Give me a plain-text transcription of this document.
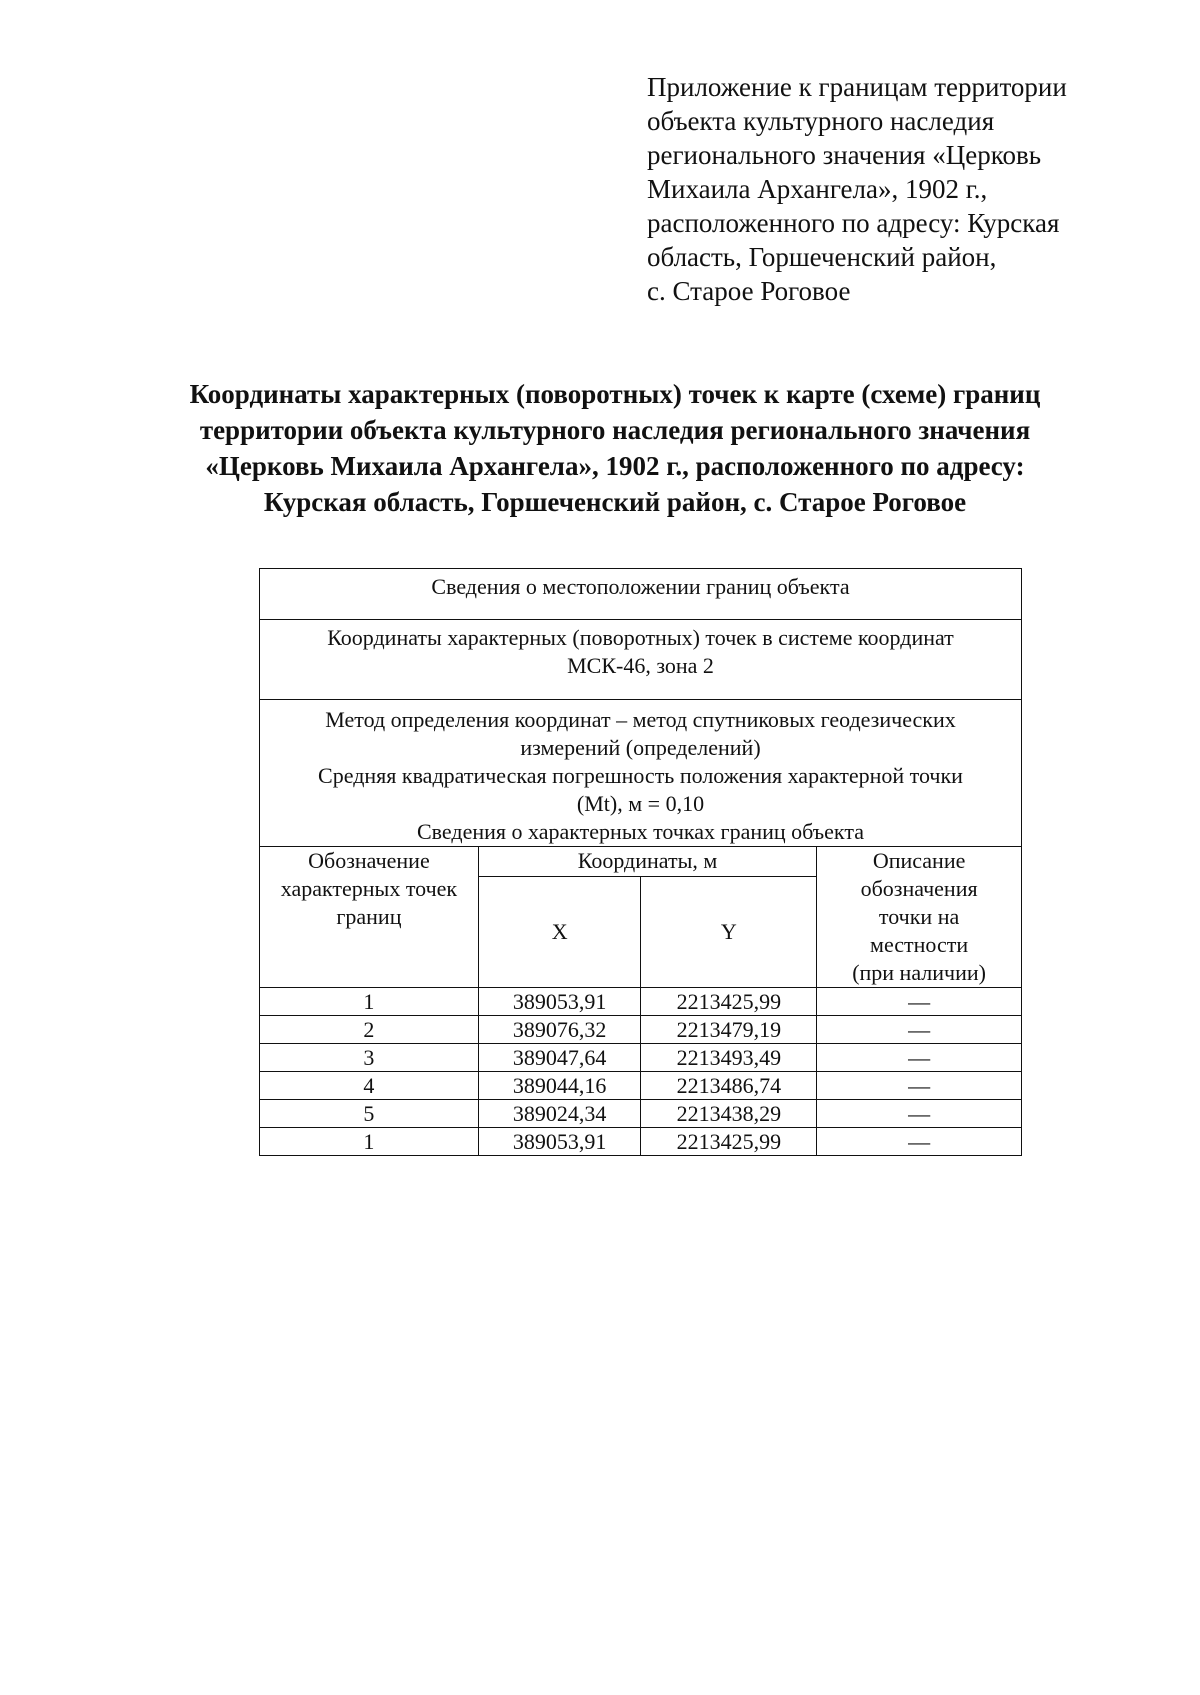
Приложение к границам территории
объекта культурного наследия
регионального значения «Церковь
Михаила Архангела», 1902 г.,
расположенного по адресу: Курская
область, Горшеченский район,
с. Старое Роговое
Координаты характерных (поворотных) точек к карте (схеме) границ
территории объекта культурного наследия регионального значения
«Церковь Михаила Архангела», 1902 г., расположенного по адресу:
Курская область, Горшеченский район, с. Старое Роговое
Сведения о местоположении границ объекта			

Координаты характерных (поворотных) точек в системе координат
МСК-46, зона 2			

Метод определения координат – метод спутниковых геодезических
измерений (определений)
Средняя квадратическая погрешность положения характерной точки
(Mt), м = 0,10
Сведения о характерных точках границ объекта			

Обозначение
характерных точек
границ	Координаты, м		Описание
обозначения
точки на
местности
(при наличии)

	X	Y	
1	389053,91	2213425,99	—
2	389076,32	2213479,19	—
3	389047,64	2213493,49	—
4	389044,16	2213486,74	—
5	389024,34	2213438,29	—
1	389053,91	2213425,99	—
